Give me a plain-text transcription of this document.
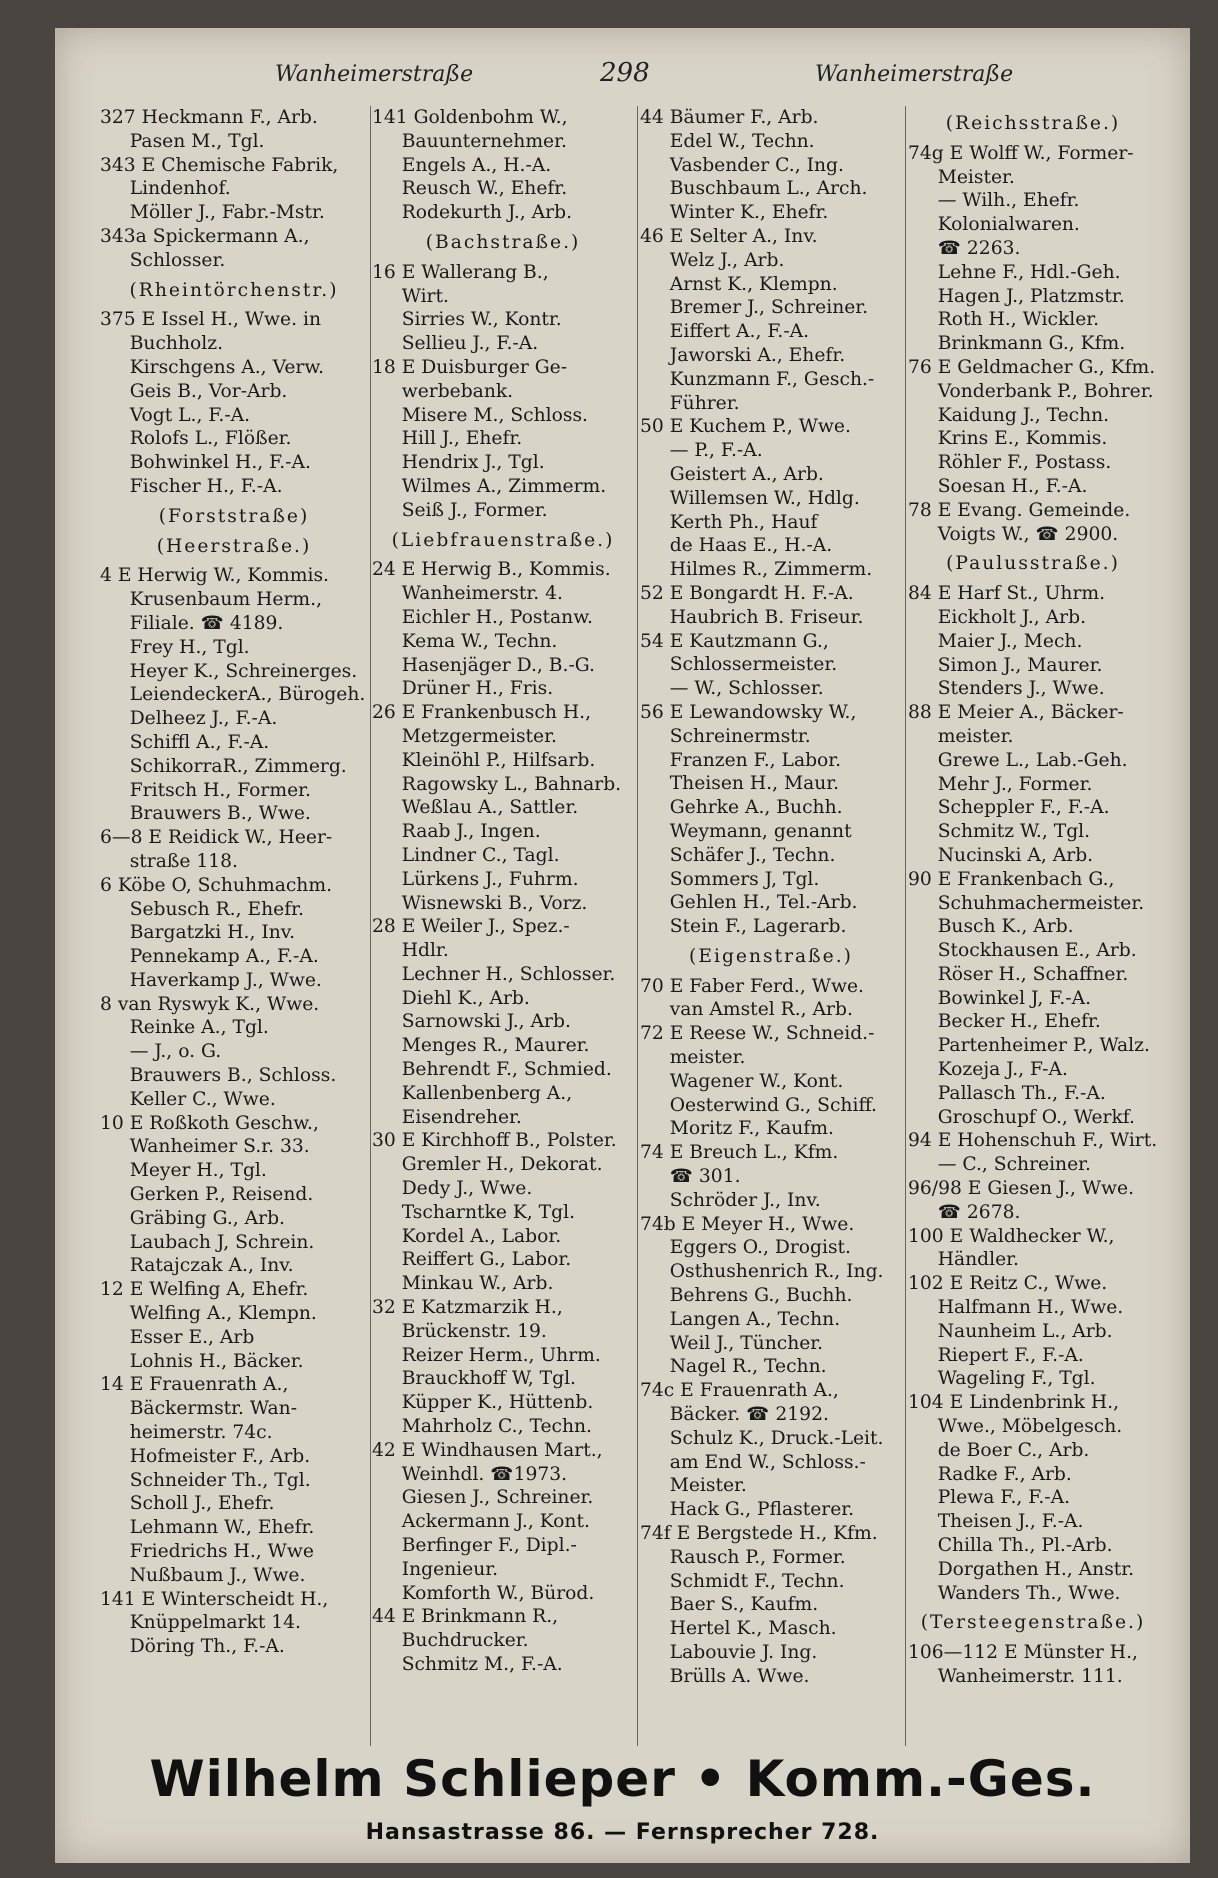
Wanheimerstraße	298	Wanheimerstraße
327 Heckmann F., Arb.
Pasen M., Tgl.
343 E Chemische Fabrik,
Lindenhof.
Möller J., Fabr.-Mstr.
343a Spickermann A.,
Schlosser.
(Rheintörchenstr.)
375 E Issel H., Wwe. in
Buchholz.
Kirschgens A., Verw.
Geis B., Vor-Arb.
Vogt L., F.-A.
Rolofs L., Flößer.
Bohwinkel H., F.-A.
Fischer H., F.-A.
(Forststraße)
(Heerstraße.)
4 E Herwig W., Kommis.
Krusenbaum Herm.,
Filiale. ☎ 4189.
Frey H., Tgl.
Heyer K., Schreinerges.
LeiendeckerA., Bürogeh.
Delheez J., F.-A.
Schiffl A., F.-A.
SchikorraR., Zimmerg.
Fritsch H., Former.
Brauwers B., Wwe.
6—8 E Reidick W., Heer-
straße 118.
6 Köbe O, Schuhmachm.
Sebusch R., Ehefr.
Bargatzki H., Inv.
Pennekamp A., F.-A.
Haverkamp J., Wwe.
8 van Ryswyk K., Wwe.
Reinke A., Tgl.
— J., o. G.
Brauwers B., Schloss.
Keller C., Wwe.
10 E Roßkoth Geschw.,
Wanheimer S.r. 33.
Meyer H., Tgl.
Gerken P., Reisend.
Gräbing G., Arb.
Laubach J, Schrein.
Ratajczak A., Inv.
12 E Welfing A, Ehefr.
Welfing A., Klempn.
Esser E., Arb
Lohnis H., Bäcker.
14 E Frauenrath A.,
Bäckermstr. Wan-
heimerstr. 74c.
Hofmeister F., Arb.
Schneider Th., Tgl.
Scholl J., Ehefr.
Lehmann W., Ehefr.
Friedrichs H., Wwe
Nußbaum J., Wwe.
141 E Winterscheidt H.,
Knüppelmarkt 14.
Döring Th., F.-A.
141 Goldenbohm W.,
Bauunternehmer.
Engels A., H.-A.
Reusch W., Ehefr.
Rodekurth J., Arb.
(Bachstraße.)
16 E Wallerang B.,
Wirt.
Sirries W., Kontr.
Sellieu J., F.-A.
18 E Duisburger Ge-
werbebank.
Misere M., Schloss.
Hill J., Ehefr.
Hendrix J., Tgl.
Wilmes A., Zimmerm.
Seiß J., Former.
(Liebfrauenstraße.)
24 E Herwig B., Kommis.
Wanheimerstr. 4.
Eichler H., Postanw.
Kema W., Techn.
Hasenjäger D., B.-G.
Drüner H., Fris.
26 E Frankenbusch H.,
Metzgermeister.
Kleinöhl P., Hilfsarb.
Ragowsky L., Bahnarb.
Weßlau A., Sattler.
Raab J., Ingen.
Lindner C., Tagl.
Lürkens J., Fuhrm.
Wisnewski B., Vorz.
28 E Weiler J., Spez.-
Hdlr.
Lechner H., Schlosser.
Diehl K., Arb.
Sarnowski J., Arb.
Menges R., Maurer.
Behrendt F., Schmied.
Kallenbenberg A.,
Eisendreher.
30 E Kirchhoff B., Polster.
Gremler H., Dekorat.
Dedy J., Wwe.
Tscharntke K, Tgl.
Kordel A., Labor.
Reiffert G., Labor.
Minkau W., Arb.
32 E Katzmarzik H.,
Brückenstr. 19.
Reizer Herm., Uhrm.
Brauckhoff W, Tgl.
Küpper K., Hüttenb.
Mahrholz C., Techn.
42 E Windhausen Mart.,
Weinhdl. ☎1973.
Giesen J., Schreiner.
Ackermann J., Kont.
Berfinger F., Dipl.-
Ingenieur.
Komforth W., Bürod.
44 E Brinkmann R.,
Buchdrucker.
Schmitz M., F.-A.
44 Bäumer F., Arb.
Edel W., Techn.
Vasbender C., Ing.
Buschbaum L., Arch.
Winter K., Ehefr.
46 E Selter A., Inv.
Welz J., Arb.
Arnst K., Klempn.
Bremer J., Schreiner.
Eiffert A., F.-A.
Jaworski A., Ehefr.
Kunzmann F., Gesch.-
Führer.
50 E Kuchem P., Wwe.
— P., F.-A.
Geistert A., Arb.
Willemsen W., Hdlg.
Kerth Ph., Hauf
de Haas E., H.-A.
Hilmes R., Zimmerm.
52 E Bongardt H. F.-A.
Haubrich B. Friseur.
54 E Kautzmann G.,
Schlossermeister.
— W., Schlosser.
56 E Lewandowsky W.,
Schreinermstr.
Franzen F., Labor.
Theisen H., Maur.
Gehrke A., Buchh.
Weymann, genannt
Schäfer J., Techn.
Sommers J, Tgl.
Gehlen H., Tel.-Arb.
Stein F., Lagerarb.
(Eigenstraße.)
70 E Faber Ferd., Wwe.
van Amstel R., Arb.
72 E Reese W., Schneid.-
meister.
Wagener W., Kont.
Oesterwind G., Schiff.
Moritz F., Kaufm.
74 E Breuch L., Kfm.
☎ 301.
Schröder J., Inv.
74b E Meyer H., Wwe.
Eggers O., Drogist.
Osthushenrich R., Ing.
Behrens G., Buchh.
Langen A., Techn.
Weil J., Tüncher.
Nagel R., Techn.
74c E Frauenrath A.,
Bäcker. ☎ 2192.
Schulz K., Druck.-Leit.
am End W., Schloss.-
Meister.
Hack G., Pflasterer.
74f E Bergstede H., Kfm.
Rausch P., Former.
Schmidt F., Techn.
Baer S., Kaufm.
Hertel K., Masch.
Labouvie J. Ing.
Brülls A. Wwe.
(Reichsstraße.)
74g E Wolff W., Former-
Meister.
— Wilh., Ehefr.
Kolonialwaren.
☎ 2263.
Lehne F., Hdl.-Geh.
Hagen J., Platzmstr.
Roth H., Wickler.
Brinkmann G., Kfm.
76 E Geldmacher G., Kfm.
Vonderbank P., Bohrer.
Kaidung J., Techn.
Krins E., Kommis.
Röhler F., Postass.
Soesan H., F.-A.
78 E Evang. Gemeinde.
Voigts W., ☎ 2900.
(Paulusstraße.)
84 E Harf St., Uhrm.
Eickholt J., Arb.
Maier J., Mech.
Simon J., Maurer.
Stenders J., Wwe.
88 E Meier A., Bäcker-
meister.
Grewe L., Lab.-Geh.
Mehr J., Former.
Scheppler F., F.-A.
Schmitz W., Tgl.
Nucinski A, Arb.
90 E Frankenbach G.,
Schuhmachermeister.
Busch K., Arb.
Stockhausen E., Arb.
Röser H., Schaffner.
Bowinkel J, F.-A.
Becker H., Ehefr.
Partenheimer P., Walz.
Kozeja J., F-A.
Pallasch Th., F.-A.
Groschupf O., Werkf.
94 E Hohenschuh F., Wirt.
— C., Schreiner.
96/98 E Giesen J., Wwe.
☎ 2678.
100 E Waldhecker W.,
Händler.
102 E Reitz C., Wwe.
Halfmann H., Wwe.
Naunheim L., Arb.
Riepert F., F.-A.
Wageling F., Tgl.
104 E Lindenbrink H.,
Wwe., Möbelgesch.
de Boer C., Arb.
Radke F., Arb.
Plewa F., F.-A.
Theisen J., F.-A.
Chilla Th., Pl.-Arb.
Dorgathen H., Anstr.
Wanders Th., Wwe.
(Tersteegenstraße.)
106—112 E Münster H.,
Wanheimerstr. 111.
Wilhelm Schlieper • Komm.-Ges.
Hansastrasse 86. — Fernsprecher 728.
